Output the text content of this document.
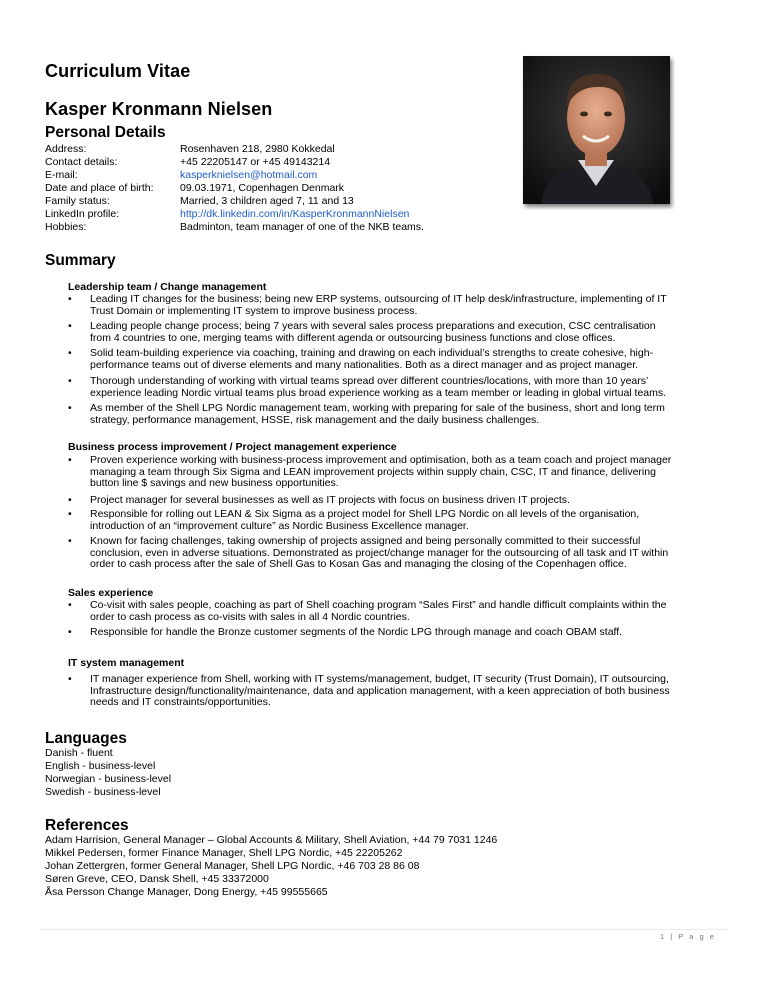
Curriculum Vitae
Kasper Kronmann Nielsen
Personal Details
Address:	Rosenhaven 218, 2980 Kokkedal
Contact details:	+45 22205147 or +45 49143214
E-mail:	kasperknielsen@hotmail.com
Date and place of birth:	09.03.1971, Copenhagen Denmark
Family status:	Married, 3 children aged 7, 11 and 13
LinkedIn profile:	http://dk.linkedin.com/in/KasperKronmannNielsen
Hobbies:	Badminton, team manager of one of the NKB teams.
Summary
Leadership team / Change management
•	Leading IT changes for the business; being new ERP systems, outsourcing of IT help desk/infrastructure, implementing of IT
Trust Domain or implementing IT system to improve business process.
•	Leading people change process; being 7 years with several sales process preparations and execution, CSC centralisation
from 4 countries to one, merging teams with different agenda or outsourcing business functions and close offices.
•	Solid team-building experience via coaching, training and drawing on each individual’s strengths to create cohesive, high-
performance teams out of diverse elements and many nationalities. Both as a direct manager and as project manager.
•	Thorough understanding of working with virtual teams spread over different countries/locations, with more than 10 years’
experience leading Nordic virtual teams plus broad experience working as a team member or leading in global virtual teams.
•	As member of the Shell LPG Nordic management team, working with preparing for sale of the business, short and long term
strategy, performance management, HSSE, risk management and the daily business challenges.
Business process improvement / Project management experience
•	Proven experience working with business-process improvement and optimisation, both as a team coach and project manager
managing a team through Six Sigma and LEAN improvement projects within supply chain, CSC, IT and finance, delivering
button line $ savings and new business opportunities.
•	Project manager for several businesses as well as IT projects with focus on business driven IT projects.
•	Responsible for rolling out LEAN & Six Sigma as a project model for Shell LPG Nordic on all levels of the organisation,
introduction of an “improvement culture” as Nordic Business Excellence manager.
•	Known for facing challenges, taking ownership of projects assigned and being personally committed to their successful
conclusion, even in adverse situations. Demonstrated as project/change manager for the outsourcing of all task and IT within
order to cash process after the sale of Shell Gas to Kosan Gas and managing the closing of the Copenhagen office.
Sales experience
•	Co-visit with sales people, coaching as part of Shell coaching program “Sales First” and handle difficult complaints within the
order to cash process as co-visits with sales in all 4 Nordic countries.
•	Responsible for handle the Bronze customer segments of the Nordic LPG through manage and coach OBAM staff.
IT system management
•	IT manager experience from Shell, working with IT systems/management, budget, IT security (Trust Domain), IT outsourcing,
Infrastructure design/functionality/maintenance, data and application management, with a keen appreciation of both business
needs and IT constraints/opportunities.
Languages
Danish - fluent
English - business-level
Norwegian - business-level
Swedish - business-level
References
Adam Harrision, General Manager – Global Accounts & Military, Shell Aviation, +44 79 7031 1246
Mikkel Pedersen, former Finance Manager, Shell LPG Nordic, +45 22205262
Johan Zettergren, former General Manager, Shell LPG Nordic, +46 703 28 86 08
Søren Greve, CEO, Dansk Shell, +45 33372000
Åsa Persson Change Manager, Dong Energy, +45 99555665
1 | P a g e
